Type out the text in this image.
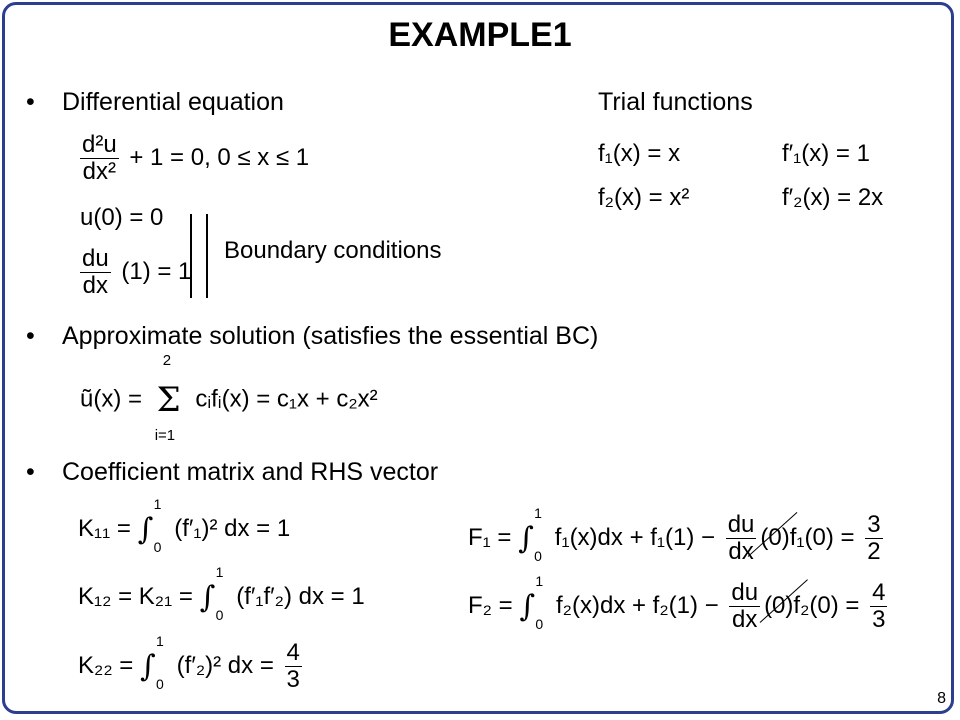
EXAMPLE1
• Differential equation	Trial functions
$\frac{\text{d²u}}{\text{dx²}} + 1 = 0$, 0 ≤ x ≤ 1
u(0) = 0
$\frac{du}{dx} (1) = 1$
Boundary conditions
f₁(x) = x	f′₁(x) = 1
f₂(x) = x²	f′₂(x) = 2x
• Approximate solution (satisfies the essential BC)
ũ(x) =
2
Σ
i=1
cᵢfᵢ(x) = c₁x + c₂x²
• Coefficient matrix and RHS vector
K₁₁ = ∫
1
0
(f′₁)² dx = 1
K₁₂ = K₂₁ = ∫
1
0
(f′₁f′₂) dx = 1
K₂₂ = ∫
1
0
(f′₂)² dx = $\frac{4}{3}$
F₁ = ∫
1
0
$f_1(x)dx + f_1(1) - \frac{du}{dx} (0)f_1(0) = \frac{3}{2}$
F₂ = ∫
1
0
$f_2(x)dx + f_2(1) - \frac{du}{dx} (0)f_2(0) = \frac{4}{3}$
8
